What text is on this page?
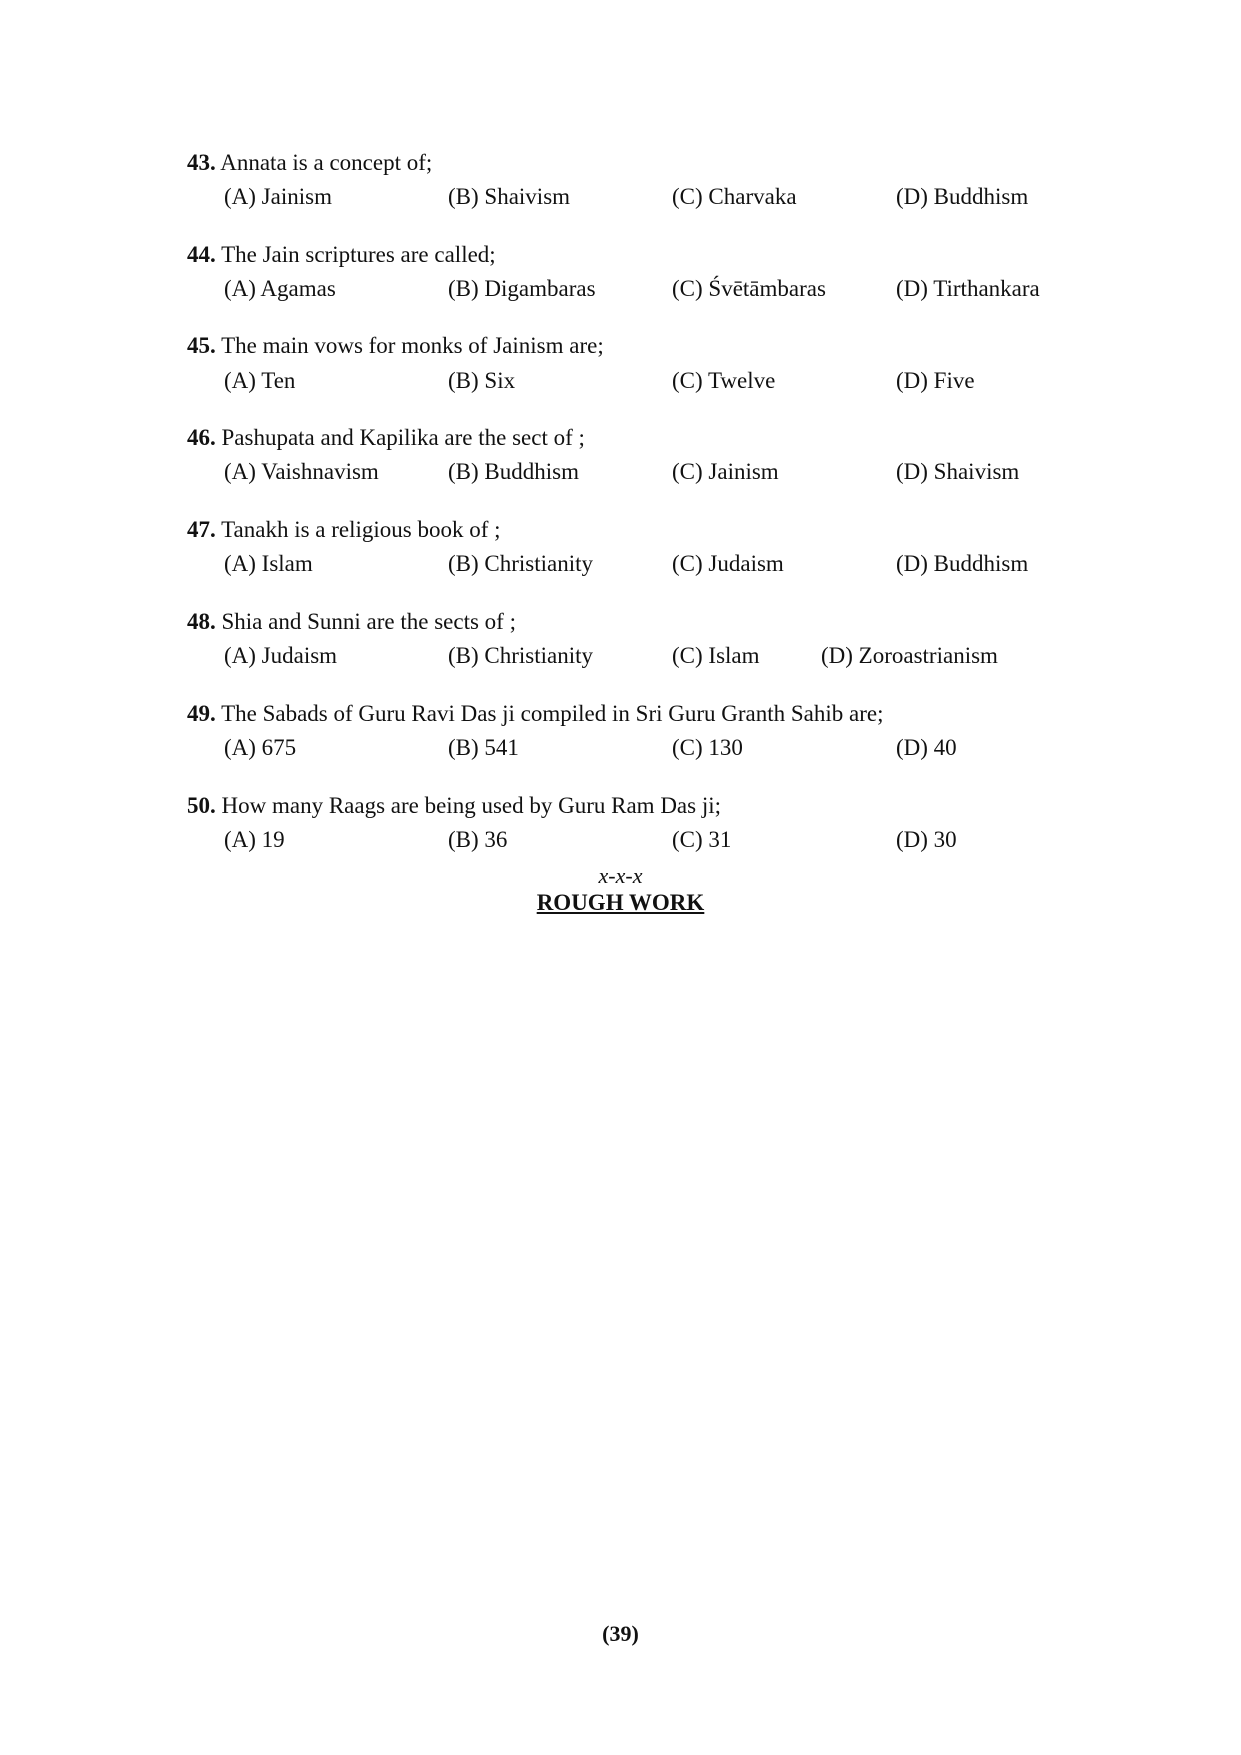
43. Annata is a concept of;
(A) Jainism	(B) Shaivism	(C) Charvaka	(D) Buddhism
44. The Jain scriptures are called;
(A) Agamas	(B) Digambaras	(C) Śvētāmbaras	(D) Tirthankara
45. The main vows for monks of Jainism are;
(A) Ten	(B) Six	(C) Twelve	(D) Five
46. Pashupata and Kapilika are the sect of ;
(A) Vaishnavism	(B) Buddhism	(C) Jainism	(D) Shaivism
47. Tanakh is a religious book of ;
(A) Islam	(B) Christianity	(C) Judaism	(D) Buddhism
48. Shia and Sunni are the sects of ;
(A) Judaism	(B) Christianity	(C) Islam	(D) Zoroastrianism
49. The Sabads of Guru Ravi Das ji compiled in Sri Guru Granth Sahib are;
(A) 675	(B) 541	(C) 130	(D) 40
50. How many Raags are being used by Guru Ram Das ji;
(A) 19	(B) 36	(C) 31	(D) 30
x-x-x
ROUGH WORK
(39)
